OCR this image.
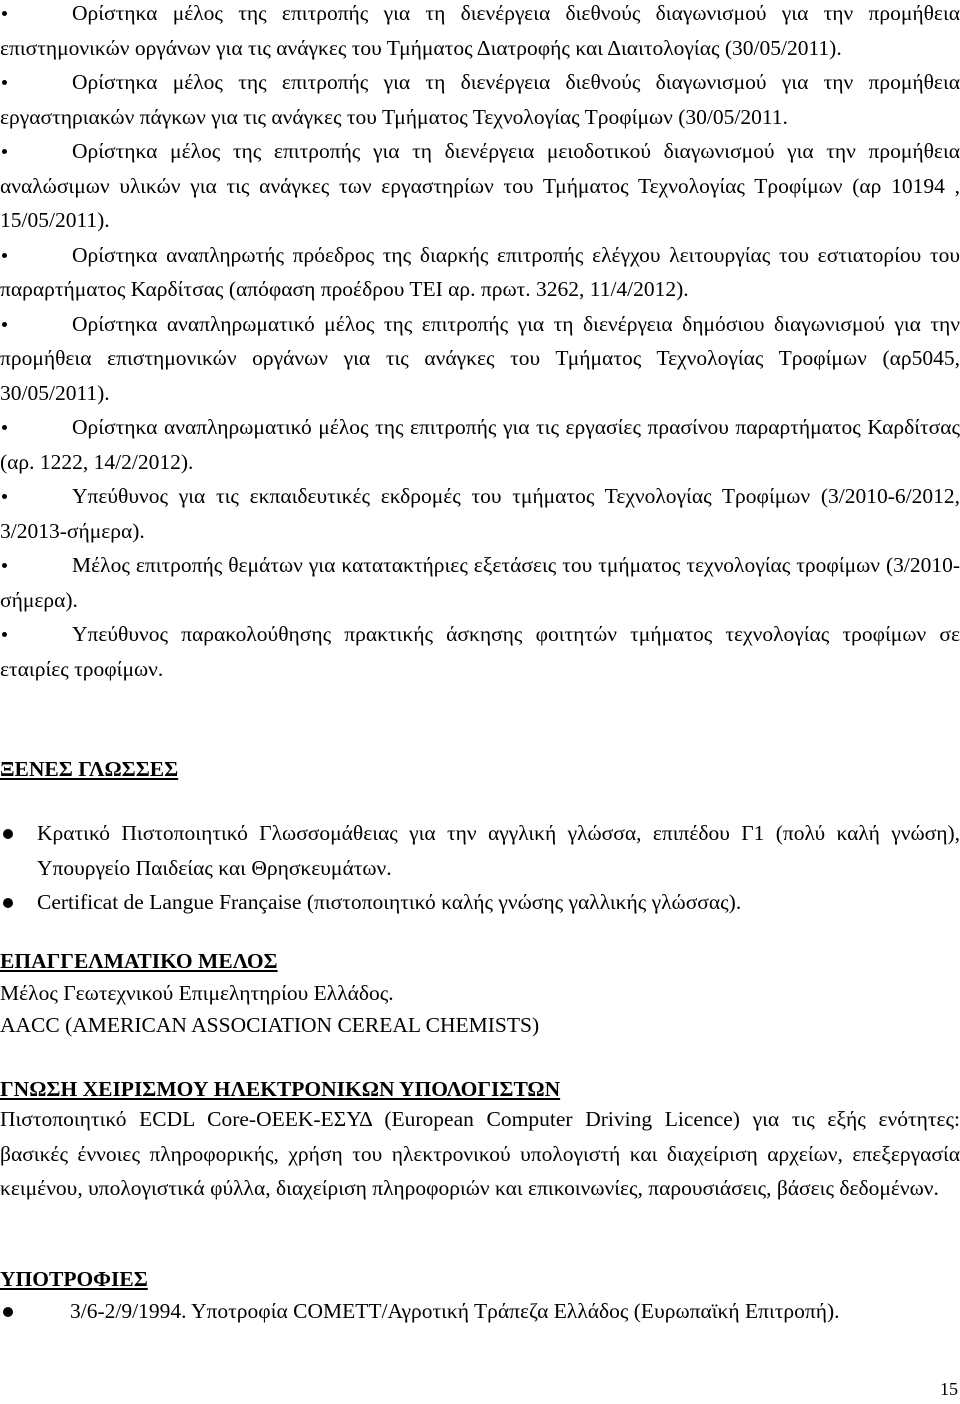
Ορίστηκα μέλος της επιτροπής για τη διενέργεια διεθνούς διαγωνισμού για την προμήθεια επιστημονικών οργάνων για τις ανάγκες του Τμήματος Διατροφής και Διαιτολογίας (30/05/2011).
Ορίστηκα μέλος της επιτροπής για τη διενέργεια διεθνούς διαγωνισμού για την προμήθεια εργαστηριακών πάγκων για τις ανάγκες του Τμήματος Τεχνολογίας Τροφίμων (30/05/2011.
Ορίστηκα μέλος της επιτροπής για τη διενέργεια μειοδοτικού διαγωνισμού για την προμήθεια αναλώσιμων υλικών για τις ανάγκες των εργαστηρίων του Τμήματος Τεχνολογίας Τροφίμων (αρ 10194 , 15/05/2011).
Ορίστηκα αναπληρωτής πρόεδρος της διαρκής επιτροπής ελέγχου λειτουργίας του εστιατορίου του παραρτήματος Καρδίτσας (απόφαση προέδρου ΤΕΙ αρ. πρωτ. 3262, 11/4/2012).
Ορίστηκα αναπληρωματικό μέλος της επιτροπής για τη διενέργεια δημόσιου διαγωνισμού για την προμήθεια επιστημονικών οργάνων για τις ανάγκες του Τμήματος Τεχνολογίας Τροφίμων (αρ5045, 30/05/2011).
Ορίστηκα αναπληρωματικό μέλος της επιτροπής για τις εργασίες πρασίνου παραρτήματος Καρδίτσας (αρ. 1222, 14/2/2012).
Υπεύθυνος για τις εκπαιδευτικές εκδρομές του τμήματος Τεχνολογίας Τροφίμων (3/2010-6/2012, 3/2013-σήμερα).
Μέλος επιτροπής θεμάτων για κατατακτήριες εξετάσεις του τμήματος τεχνολογίας τροφίμων (3/2010-σήμερα).
Υπεύθυνος παρακολούθησης πρακτικής άσκησης φοιτητών τμήματος τεχνολογίας τροφίμων σε εταιρίες τροφίμων.
ΞΕΝΕΣ ΓΛΩΣΣΕΣ
Κρατικό Πιστοποιητικό Γλωσσομάθειας για την αγγλική γλώσσα, επιπέδου Γ1 (πολύ καλή γνώση), Υπουργείο Παιδείας και Θρησκευμάτων.
Certificat de Langue Française (πιστοποιητικό καλής γνώσης γαλλικής γλώσσας).
ΕΠΑΓΓΕΛΜΑΤΙΚΟ ΜΕΛΟΣ
Μέλος Γεωτεχνικού Επιμελητηρίου Ελλάδος.
AACC (AMERICAN ASSOCIATION CEREAL CHEMISTS)
ΓΝΩΣΗ ΧΕΙΡΙΣΜΟΥ ΗΛΕΚΤΡΟΝΙΚΩΝ ΥΠΟΛΟΓΙΣΤΩΝ
Πιστοποιητικό ECDL Core-ΟΕΕΚ-ΕΣΥΔ (European Computer Driving Licence) για τις εξής ενότητες: βασικές έννοιες πληροφορικής, χρήση του ηλεκτρονικού υπολογιστή και διαχείριση αρχείων, επεξεργασία κειμένου, υπολογιστικά φύλλα, διαχείριση πληροφοριών και επικοινωνίες, παρουσιάσεις, βάσεις δεδομένων.
ΥΠΟΤΡΟΦΙΕΣ
3/6-2/9/1994. Υποτροφία COMETT/Αγροτική Τράπεζα Ελλάδος (Ευρωπαϊκή Επιτροπή).
15
